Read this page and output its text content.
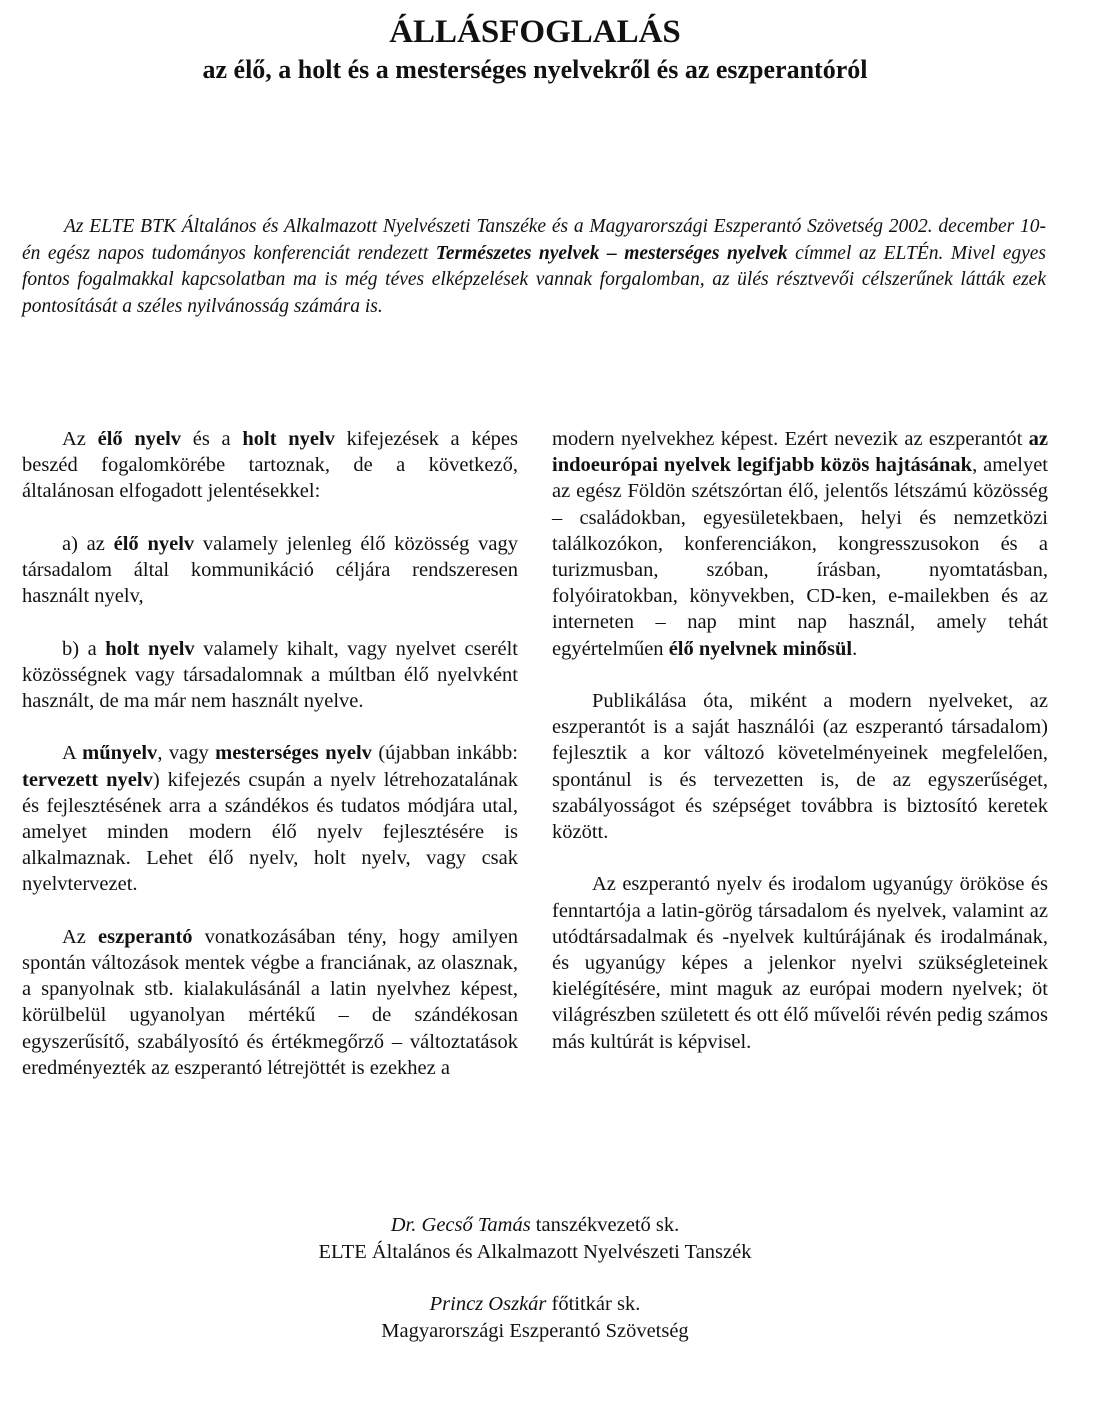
ÁLLÁSFOGLALÁS
az élő, a holt és a mesterséges nyelvekről és az eszperantóról
Az ELTE BTK Általános és Alkalmazott Nyelvészeti Tanszéke és a Magyarországi Eszperantó Szövetség 2002. december 10-én egész napos tudományos konferenciát rendezett Természetes nyelvek – mesterséges nyelvek címmel az ELTÉn. Mivel egyes fontos fogalmakkal kapcsolatban ma is még téves elképzelések vannak forgalomban, az ülés résztvevői célszerűnek látták ezek pontosítását a széles nyilvánosság számára is.

Az élő nyelv és a holt nyelv kifejezések a képes beszéd fogalomkörébe tartoznak, de a következő, általánosan elfogadott jelentésekkel:

a) az élő nyelv valamely jelenleg élő közösség vagy társadalom által kommunikáció céljára rendszeresen használt nyelv,

b) a holt nyelv valamely kihalt, vagy nyelvet cserélt közösségnek vagy társadalomnak a múltban élő nyelvként használt, de ma már nem használt nyelve.

A műnyelv, vagy mesterséges nyelv (újabban inkább: tervezett nyelv) kifejezés csupán a nyelv létrehozatalának és fejlesztésének arra a szándékos és tudatos módjára utal, amelyet minden modern élő nyelv fejlesztésére is alkalmaznak. Lehet élő nyelv, holt nyelv, vagy csak nyelvtervezet.

Az eszperantó vonatkozásában tény, hogy amilyen spontán változások mentek végbe a franciának, az olasznak, a spanyolnak stb. kialakulásánál a latin nyelvhez képest, körülbelül ugyanolyan mértékű – de szándékosan egyszerűsítő, szabályosító és értékmegőrző – változtatások eredményezték az eszperantó létrejöttét is ezekhez a

modern nyelvekhez képest. Ezért nevezik az eszperantót az indoeurópai nyelvek legifjabb közös hajtásának, amelyet az egész Földön szétszórtan élő, jelentős létszámú közösség – családokban, egyesületekbaen, helyi és nemzetközi találkozókon, konferenciákon, kongresszusokon és a turizmusban, szóban, írásban, nyomtatásban, folyóiratokban, könyvekben, CD-ken, e-mailekben és az interneten – nap mint nap használ, amely tehát egyértelműen élő nyelvnek minősül.

Publikálása óta, miként a modern nyelveket, az eszperantót is a saját használói (az eszperantó társadalom) fejlesztik a kor változó követelményeinek megfelelően, spontánul is és tervezetten is, de az egyszerűséget, szabályosságot és szépséget továbbra is biztosító keretek között.

Az eszperantó nyelv és irodalom ugyanúgy örököse és fenntartója a latin-görög társadalom és nyelvek, valamint az utódtársadalmak és -nyelvek kultúrájának és irodalmának, és ugyanúgy képes a jelenkor nyelvi szükségleteinek kielégítésére, mint maguk az európai modern nyelvek; öt világrészben született és ott élő művelői révén pedig számos más kultúrát is képvisel.

Dr. Gecső Tamás tanszékvezető sk.
ELTE Általános és Alkalmazott Nyelvészeti Tanszék
Princz Oszkár főtitkár sk.
Magyarországi Eszperantó Szövetség
